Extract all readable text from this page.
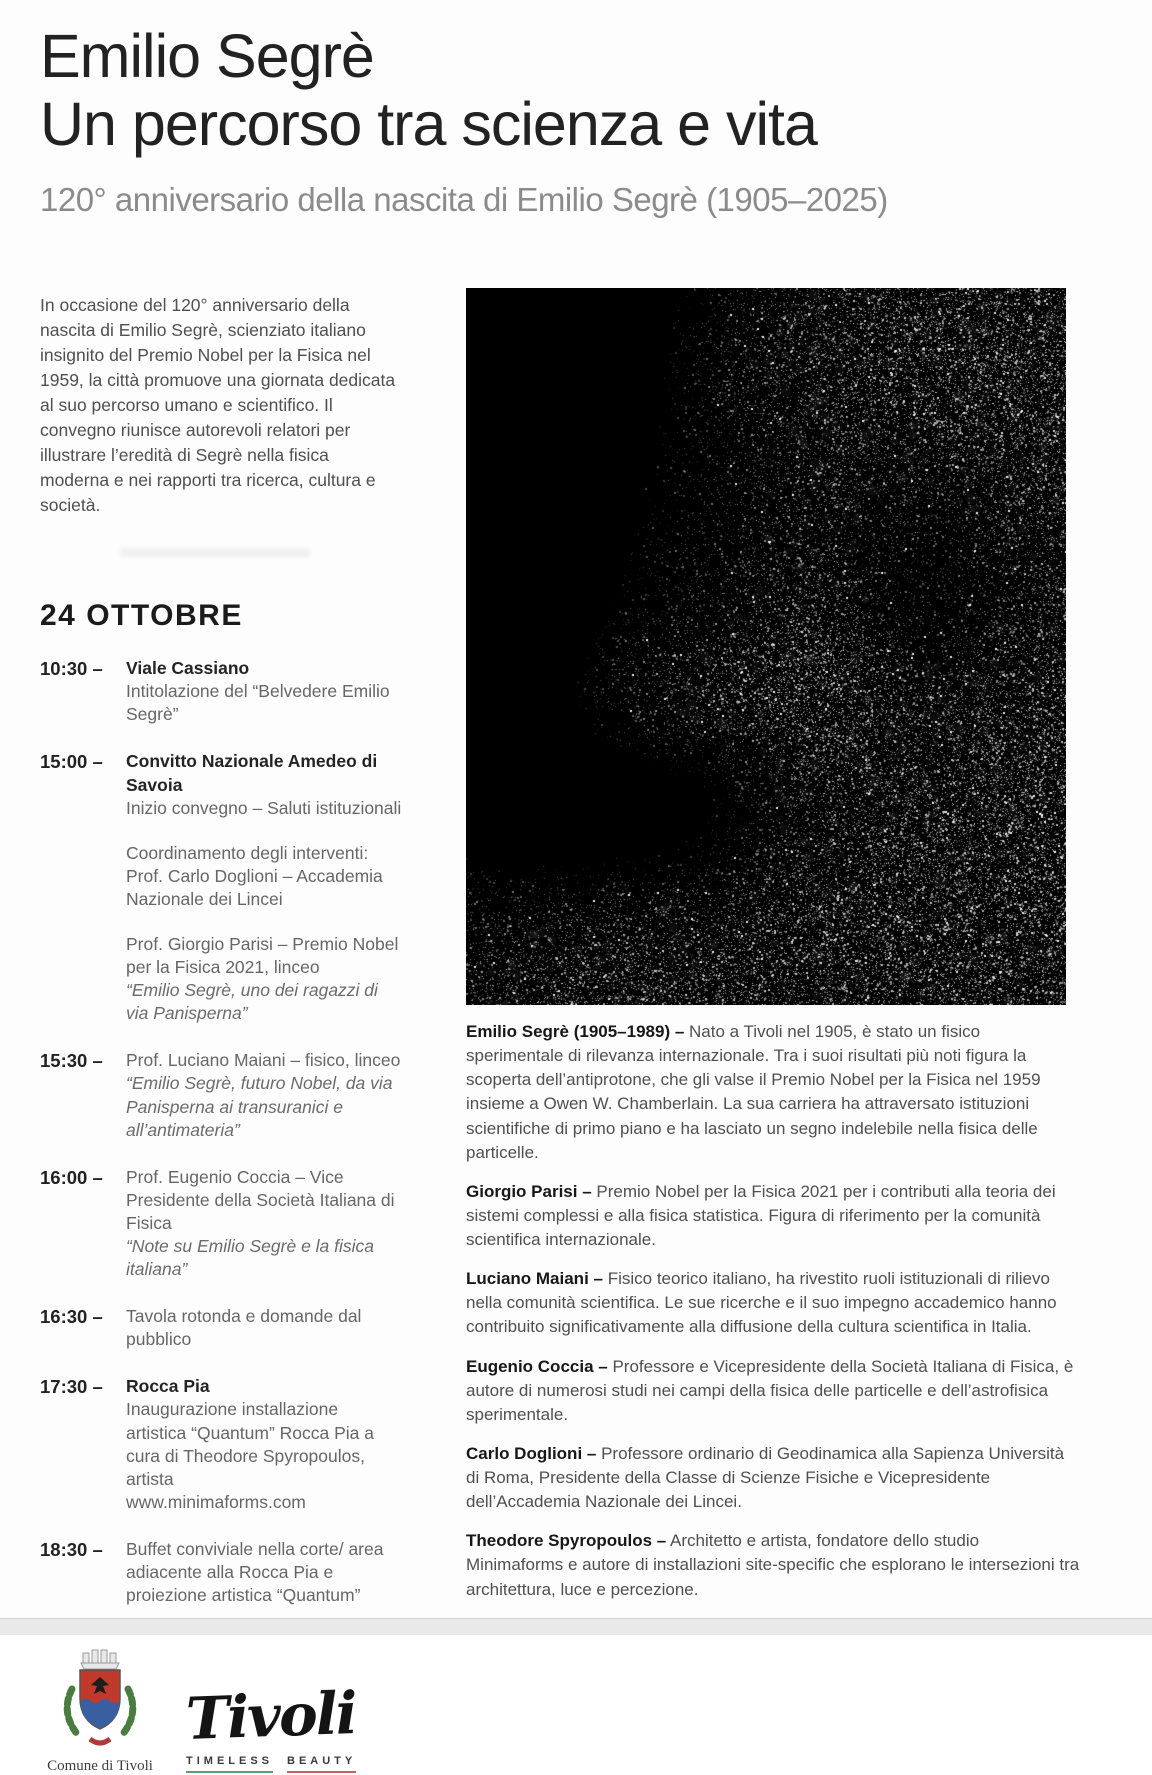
Emilio Segrè
Un percorso tra scienza e vita
120° anniversario della nascita di Emilio Segrè (1905–2025)

In occasione del 120° anniversario della nascita di Emilio Segrè, scienziato italiano insignito del Premio Nobel per la Fisica nel 1959, la città promuove una giornata dedicata al suo percorso umano e scientifico. Il convegno riunisce autorevoli relatori per illustrare l’eredità di Segrè nella fisica moderna e nei rapporti tra ricerca, cultura e società.

24 OTTOBRE
10:30 –	Viale Cassiano

Intitolazione del “Belvedere Emilio Segrè”

15:00 –	Convitto Nazionale Amedeo di Savoia

Inizio convegno – Saluti istituzionali

Coordinamento degli interventi: Prof. Carlo Doglioni – Accademia Nazionale dei Lincei

Prof. Giorgio Parisi – Premio Nobel per la Fisica 2021, linceo

“Emilio Segrè, uno dei ragazzi di via Panisperna”

15:30 –	Prof. Luciano Maiani – fisico, linceo

“Emilio Segrè, futuro Nobel, da via Panisperna ai transuranici e all’antimateria”

16:00 –	Prof. Eugenio Coccia – Vice Presidente della Società Italiana di Fisica

“Note su Emilio Segrè e la fisica italiana”

16:30 –	Tavola rotonda e domande dal pubblico

17:30 –	Rocca Pia

Inaugurazione installazione artistica “Quantum” Rocca Pia a cura di Theodore Spyropoulos, artista

www.minimaforms.com

18:30 –	Buffet conviviale nella corte/ area adiacente alla Rocca Pia e proiezione artistica “Quantum”

Comune di Tivoli
Tivoli
TIMELESS BEAUTY

Emilio Segrè (1905–1989) – Nato a Tivoli nel 1905, è stato un fisico sperimentale di rilevanza internazionale. Tra i suoi risultati più noti figura la scoperta dell’antiprotone, che gli valse il Premio Nobel per la Fisica nel 1959 insieme a Owen W. Chamberlain. La sua carriera ha attraversato istituzioni scientifiche di primo piano e ha lasciato un segno indelebile nella fisica delle particelle.

Giorgio Parisi – Premio Nobel per la Fisica 2021 per i contributi alla teoria dei sistemi complessi e alla fisica statistica. Figura di riferimento per la comunità scientifica internazionale.

Luciano Maiani – Fisico teorico italiano, ha rivestito ruoli istituzionali di rilievo nella comunità scientifica. Le sue ricerche e il suo impegno accademico hanno contribuito significativamente alla diffusione della cultura scientifica in Italia.

Eugenio Coccia – Professore e Vicepresidente della Società Italiana di Fisica, è autore di numerosi studi nei campi della fisica delle particelle e dell’astrofisica sperimentale.

Carlo Doglioni – Professore ordinario di Geodinamica alla Sapienza Università di Roma, Presidente della Classe di Scienze Fisiche e Vicepresidente dell’Accademia Nazionale dei Lincei.

Theodore Spyropoulos – Architetto e artista, fondatore dello studio Minimaforms e autore di installazioni site-specific che esplorano le intersezioni tra architettura, luce e percezione.
